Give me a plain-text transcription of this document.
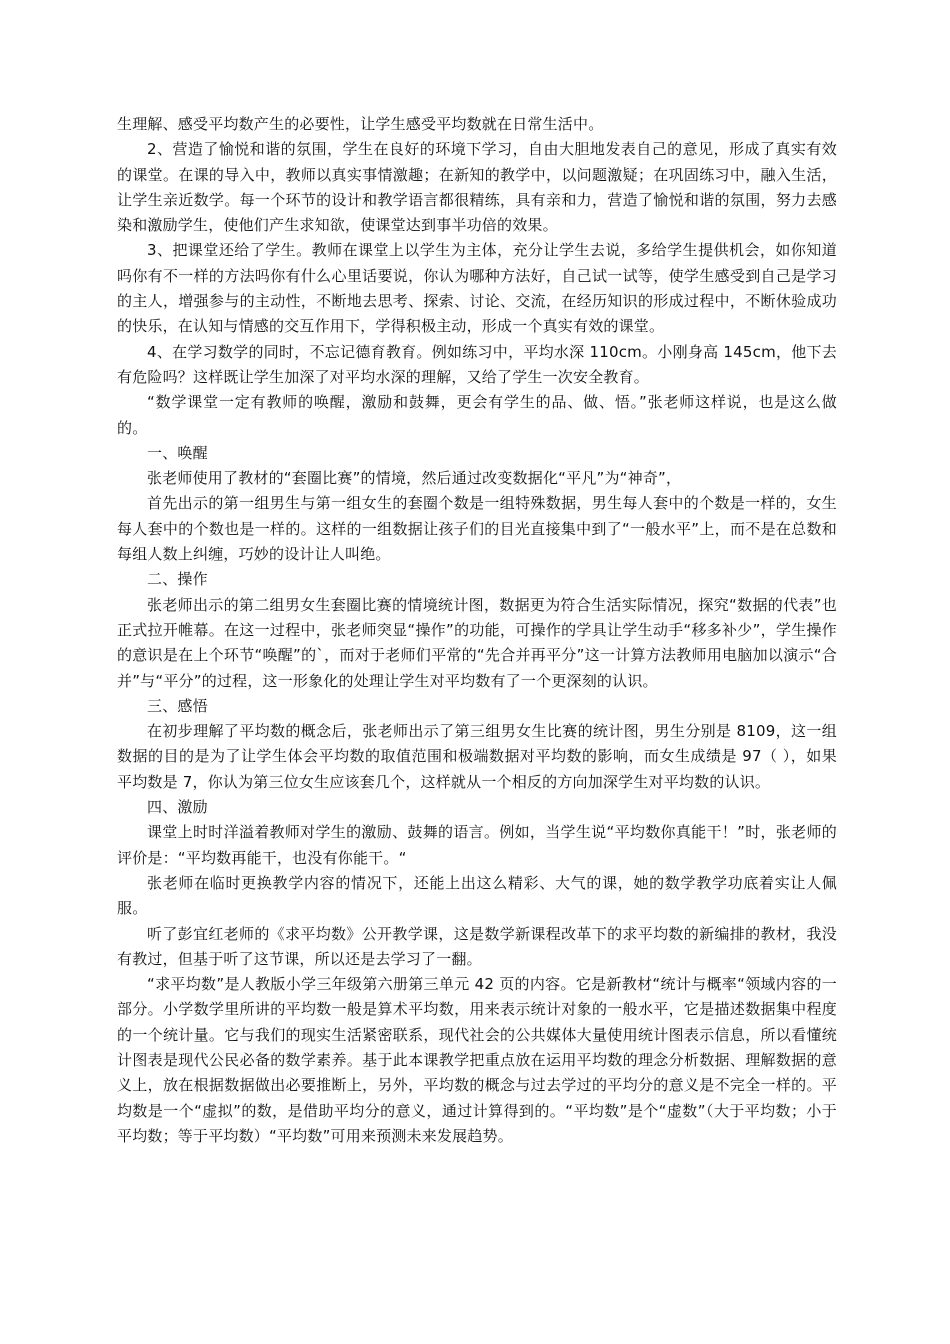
生理解、感受平均数产生的必要性，让学生感受平均数就在日常生活中。

2、营造了愉悦和谐的氛围，学生在良好的环境下学习，自由大胆地发表自己的意见，形成了真实有效的课堂。在课的导入中，教师以真实事情激趣；在新知的教学中，以问题激疑；在巩固练习中，融入生活，让学生亲近数学。每一个环节的设计和教学语言都很精练，具有亲和力，营造了愉悦和谐的氛围，努力去感染和激励学生，使他们产生求知欲，使课堂达到事半功倍的效果。

3、把课堂还给了学生。教师在课堂上以学生为主体，充分让学生去说，多给学生提供机会，如你知道吗你有不一样的方法吗你有什么心里话要说，你认为哪种方法好，自己试一试等，使学生感受到自己是学习的主人，增强参与的主动性，不断地去思考、探索、讨论、交流，在经历知识的形成过程中，不断休验成功的快乐，在认知与情感的交互作用下，学得积极主动，形成一个真实有效的课堂。

4、在学习数学的同时，不忘记德育教育。例如练习中，平均水深 110cm。小刚身高 145cm，他下去有危险吗？这样既让学生加深了对平均水深的理解，又给了学生一次安全教育。

“数学课堂一定有教师的唤醒，激励和鼓舞，更会有学生的品、做、悟。”张老师这样说，也是这么做的。

一、唤醒

张老师使用了教材的“套圈比赛”的情境，然后通过改变数据化“平凡”为“神奇”，

首先出示的第一组男生与第一组女生的套圈个数是一组特殊数据，男生每人套中的个数是一样的，女生每人套中的个数也是一样的。这样的一组数据让孩子们的目光直接集中到了“一般水平”上，而不是在总数和每组人数上纠缠，巧妙的设计让人叫绝。

二、操作

张老师出示的第二组男女生套圈比赛的情境统计图，数据更为符合生活实际情况，探究“数据的代表”也正式拉开帷幕。在这一过程中，张老师突显“操作”的功能，可操作的学具让学生动手“移多补少”，学生操作的意识是在上个环节“唤醒”的`，而对于老师们平常的“先合并再平分”这一计算方法教师用电脑加以演示“合并”与“平分”的过程，这一形象化的处理让学生对平均数有了一个更深刻的认识。

三、感悟

在初步理解了平均数的概念后，张老师出示了第三组男女生比赛的统计图，男生分别是 8109，这一组数据的目的是为了让学生体会平均数的取值范围和极端数据对平均数的影响，而女生成绩是 97（ ），如果平均数是 7，你认为第三位女生应该套几个，这样就从一个相反的方向加深学生对平均数的认识。

四、激励

课堂上时时洋溢着教师对学生的激励、鼓舞的语言。例如，当学生说“平均数你真能干！”时，张老师的评价是：“平均数再能干，也没有你能干。“

张老师在临时更换教学内容的情况下，还能上出这么精彩、大气的课，她的数学教学功底着实让人佩服。

听了彭宜红老师的《求平均数》公开教学课，这是数学新课程改革下的求平均数的新编排的教材，我没有教过，但基于听了这节课，所以还是去学习了一翻。

“求平均数”是人教版小学三年级第六册第三单元 42 页的内容。它是新教材“统计与概率“领域内容的一部分。小学数学里所讲的平均数一般是算术平均数，用来表示统计对象的一般水平，它是描述数据集中程度的一个统计量。它与我们的现实生活紧密联系，现代社会的公共媒体大量使用统计图表示信息，所以看懂统计图表是现代公民必备的数学素养。基于此本课教学把重点放在运用平均数的理念分析数据、理解数据的意义上，放在根据数据做出必要推断上，另外，平均数的概念与过去学过的平均分的意义是不完全一样的。平均数是一个“虚拟”的数，是借助平均分的意义，通过计算得到的。“平均数”是个“虚数”（大于平均数；小于平均数；等于平均数）“平均数”可用来预测未来发展趋势。
